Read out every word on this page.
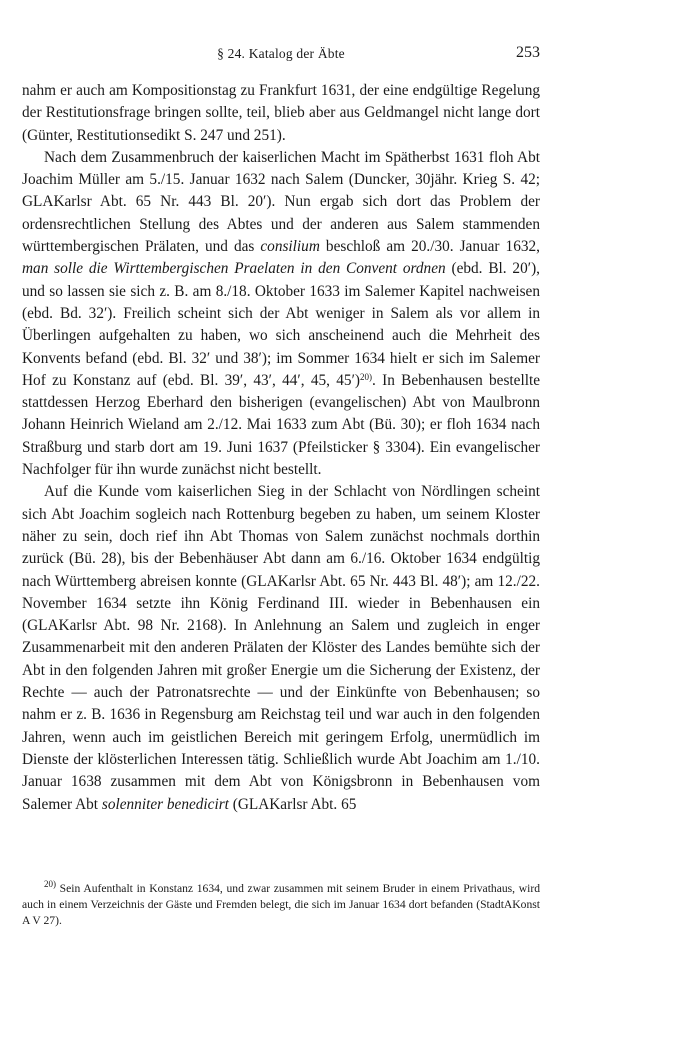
§ 24. Katalog der Äbte	253

nahm er auch am Kompositionstag zu Frankfurt 1631, der eine endgültige Regelung der Restitutionsfrage bringen sollte, teil, blieb aber aus Geldmangel nicht lange dort (Günter, Restitutionsedikt S. 247 und 251).

Nach dem Zusammenbruch der kaiserlichen Macht im Spätherbst 1631 floh Abt Joachim Müller am 5./15. Januar 1632 nach Salem (Duncker, 30jähr. Krieg S. 42; GLAKarlsr Abt. 65 Nr. 443 Bl. 20′). Nun ergab sich dort das Problem der ordensrechtlichen Stellung des Abtes und der anderen aus Salem stammenden württembergischen Prälaten, und das consilium beschloß am 20./30. Januar 1632, man solle die Wirttembergischen Praelaten in den Convent ordnen (ebd. Bl. 20′), und so lassen sie sich z. B. am 8./18. Oktober 1633 im Salemer Kapitel nachweisen (ebd. Bd. 32′). Freilich scheint sich der Abt weniger in Salem als vor allem in Überlingen aufgehalten zu haben, wo sich anscheinend auch die Mehrheit des Konvents befand (ebd. Bl. 32′ und 38′); im Sommer 1634 hielt er sich im Salemer Hof zu Konstanz auf (ebd. Bl. 39′, 43′, 44′, 45, 45′)$^{20)}$. In Bebenhausen bestellte stattdessen Herzog Eberhard den bisherigen (evangelischen) Abt von Maulbronn Johann Heinrich Wieland am 2./12. Mai 1633 zum Abt (Bü. 30); er floh 1634 nach Straßburg und starb dort am 19. Juni 1637 (Pfeilsticker § 3304). Ein evangelischer Nachfolger für ihn wurde zunächst nicht bestellt.

Auf die Kunde vom kaiserlichen Sieg in der Schlacht von Nördlingen scheint sich Abt Joachim sogleich nach Rottenburg begeben zu haben, um seinem Kloster näher zu sein, doch rief ihn Abt Thomas von Salem zunächst nochmals dorthin zurück (Bü. 28), bis der Bebenhäuser Abt dann am 6./16. Oktober 1634 endgültig nach Württemberg abreisen konnte (GLAKarlsr Abt. 65 Nr. 443 Bl. 48′); am 12./22. November 1634 setzte ihn König Ferdinand III. wieder in Bebenhausen ein (GLAKarlsr Abt. 98 Nr. 2168). In Anlehnung an Salem und zugleich in enger Zusammenarbeit mit den anderen Prälaten der Klöster des Landes bemühte sich der Abt in den folgenden Jahren mit großer Energie um die Sicherung der Existenz, der Rechte — auch der Patronatsrechte — und der Einkünfte von Bebenhausen; so nahm er z. B. 1636 in Regensburg am Reichstag teil und war auch in den folgenden Jahren, wenn auch im geistlichen Bereich mit geringem Erfolg, unermüdlich im Dienste der klösterlichen Interessen tätig. Schließlich wurde Abt Joachim am 1./10. Januar 1638 zusammen mit dem Abt von Königsbronn in Bebenhausen vom Salemer Abt solenniter benedicirt (GLAKarlsr Abt. 65

$^{20)}$ Sein Aufenthalt in Konstanz 1634, und zwar zusammen mit seinem Bruder in einem Privathaus, wird auch in einem Verzeichnis der Gäste und Fremden belegt, die sich im Januar 1634 dort befanden (StadtAKonst A V 27).
